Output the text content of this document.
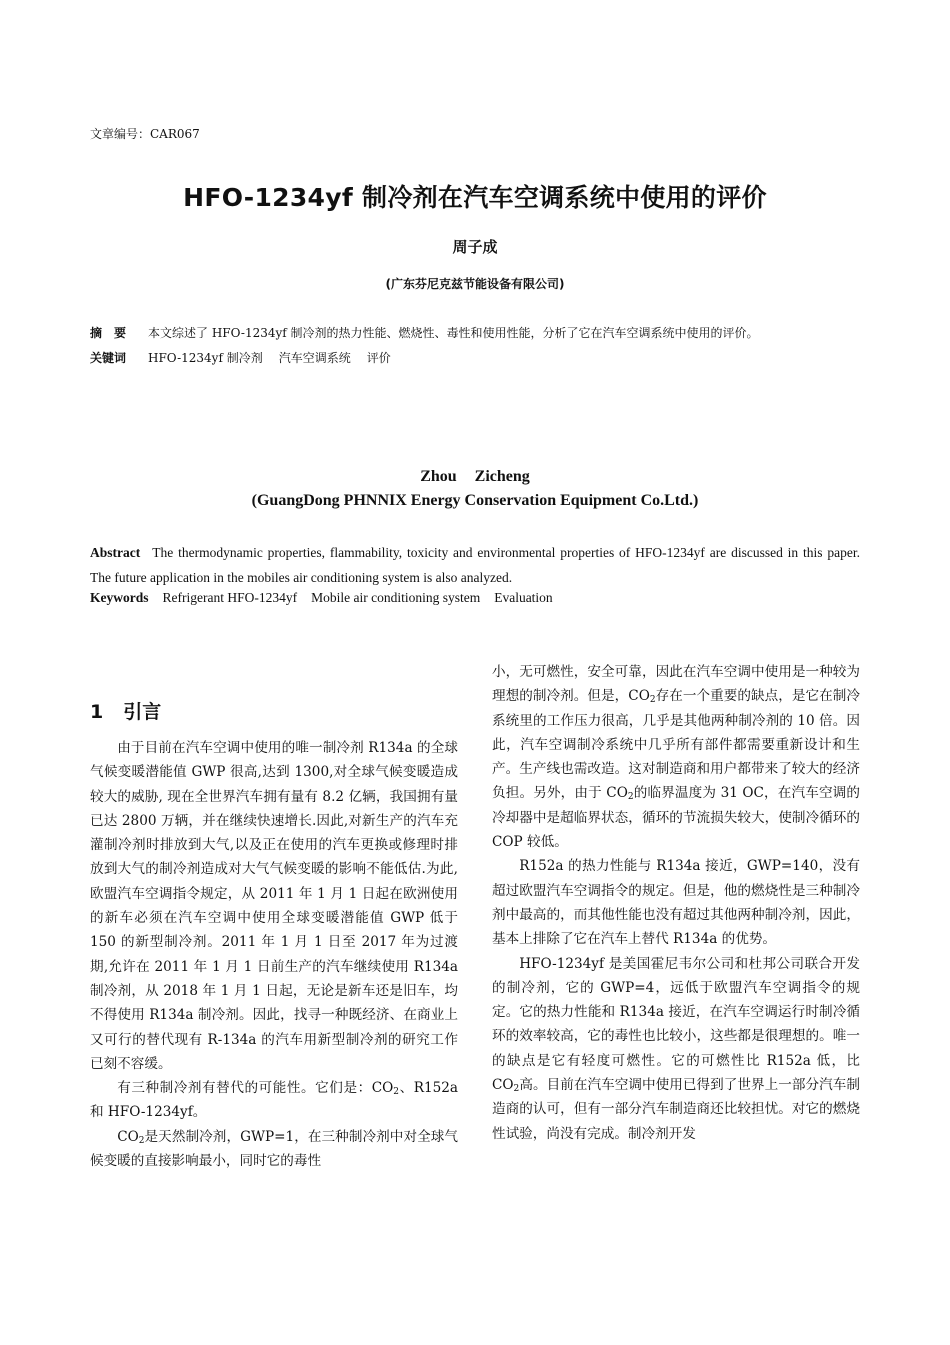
文章编号：CAR067
HFO-1234yf 制冷剂在汽车空调系统中使用的评价
周子成
(广东芬尼克兹节能设备有限公司)
摘　要 本文综述了 HFO-1234yf 制冷剂的热力性能、燃烧性、毒性和使用性能，分析了它在汽车空调系统中使用的评价。
关键词 HFO-1234yf 制冷剂 汽车空调系统 评价
Zhou Zicheng
(GuangDong PHNNIX Energy Conservation Equipment Co.Ltd.)
Abstract The thermodynamic properties, flammability, toxicity and environmental properties of HFO-1234yf are discussed in this paper. The future application in the mobiles air conditioning system is also analyzed.
Keywords Refrigerant HFO-1234yf Mobile air conditioning system Evaluation
1 引言

由于目前在汽车空调中使用的唯一制冷剂 R134a 的全球气候变暖潜能值 GWP 很高,达到 1300,对全球气候变暖造成较大的威胁, 现在全世界汽车拥有量有 8.2 亿辆，我国拥有量已达 2800 万辆，并在继续快速增长.因此,对新生产的汽车充灌制冷剂时排放到大气,以及正在使用的汽车更换或修理时排放到大气的制冷剂造成对大气气候变暖的影响不能低估.为此,欧盟汽车空调指令规定，从 2011 年 1 月 1 日起在欧洲使用的新车必须在汽车空调中使用全球变暖潜能值 GWP 低于 150 的新型制冷剂。2011 年 1 月 1 日至 2017 年为过渡期,允许在 2011 年 1 月 1 日前生产的汽车继续使用 R134a 制冷剂，从 2018 年 1 月 1 日起，无论是新车还是旧车，均不得使用 R134a 制冷剂。因此，找寻一种既经济、在商业上又可行的替代现有 R-134a 的汽车用新型制冷剂的研究工作已刻不容缓。

有三种制冷剂有替代的可能性。它们是：$CO_2$、R152a 和 HFO-1234yf。

$CO_2$是天然制冷剂，GWP=1，在三种制冷剂中对全球气候变暖的直接影响最小，同时它的毒性

小，无可燃性，安全可靠，因此在汽车空调中使用是一种较为理想的制冷剂。但是，$CO_2$存在一个重要的缺点，是它在制冷系统里的工作压力很高，几乎是其他两种制冷剂的 10 倍。因此，汽车空调制冷系统中几乎所有部件都需要重新设计和生产。生产线也需改造。这对制造商和用户都带来了较大的经济负担。另外，由于 $CO_2$的临界温度为 31 OC，在汽车空调的冷却器中是超临界状态，循环的节流损失较大，使制冷循环的 COP 较低。

R152a 的热力性能与 R134a 接近，GWP=140，没有超过欧盟汽车空调指令的规定。但是，他的燃烧性是三种制冷剂中最高的，而其他性能也没有超过其他两种制冷剂，因此，基本上排除了它在汽车上替代 R134a 的优势。

HFO-1234yf 是美国霍尼韦尔公司和杜邦公司联合开发的制冷剂，它的 GWP=4，远低于欧盟汽车空调指令的规定。它的热力性能和 R134a 接近，在汽车空调运行时制冷循环的效率较高，它的毒性也比较小，这些都是很理想的。唯一的缺点是它有轻度可燃性。它的可燃性比 R152a 低，比 $CO_2$高。目前在汽车空调中使用已得到了世界上一部分汽车制造商的认可，但有一部分汽车制造商还比较担忧。对它的燃烧性试验，尚没有完成。制冷剂开发
